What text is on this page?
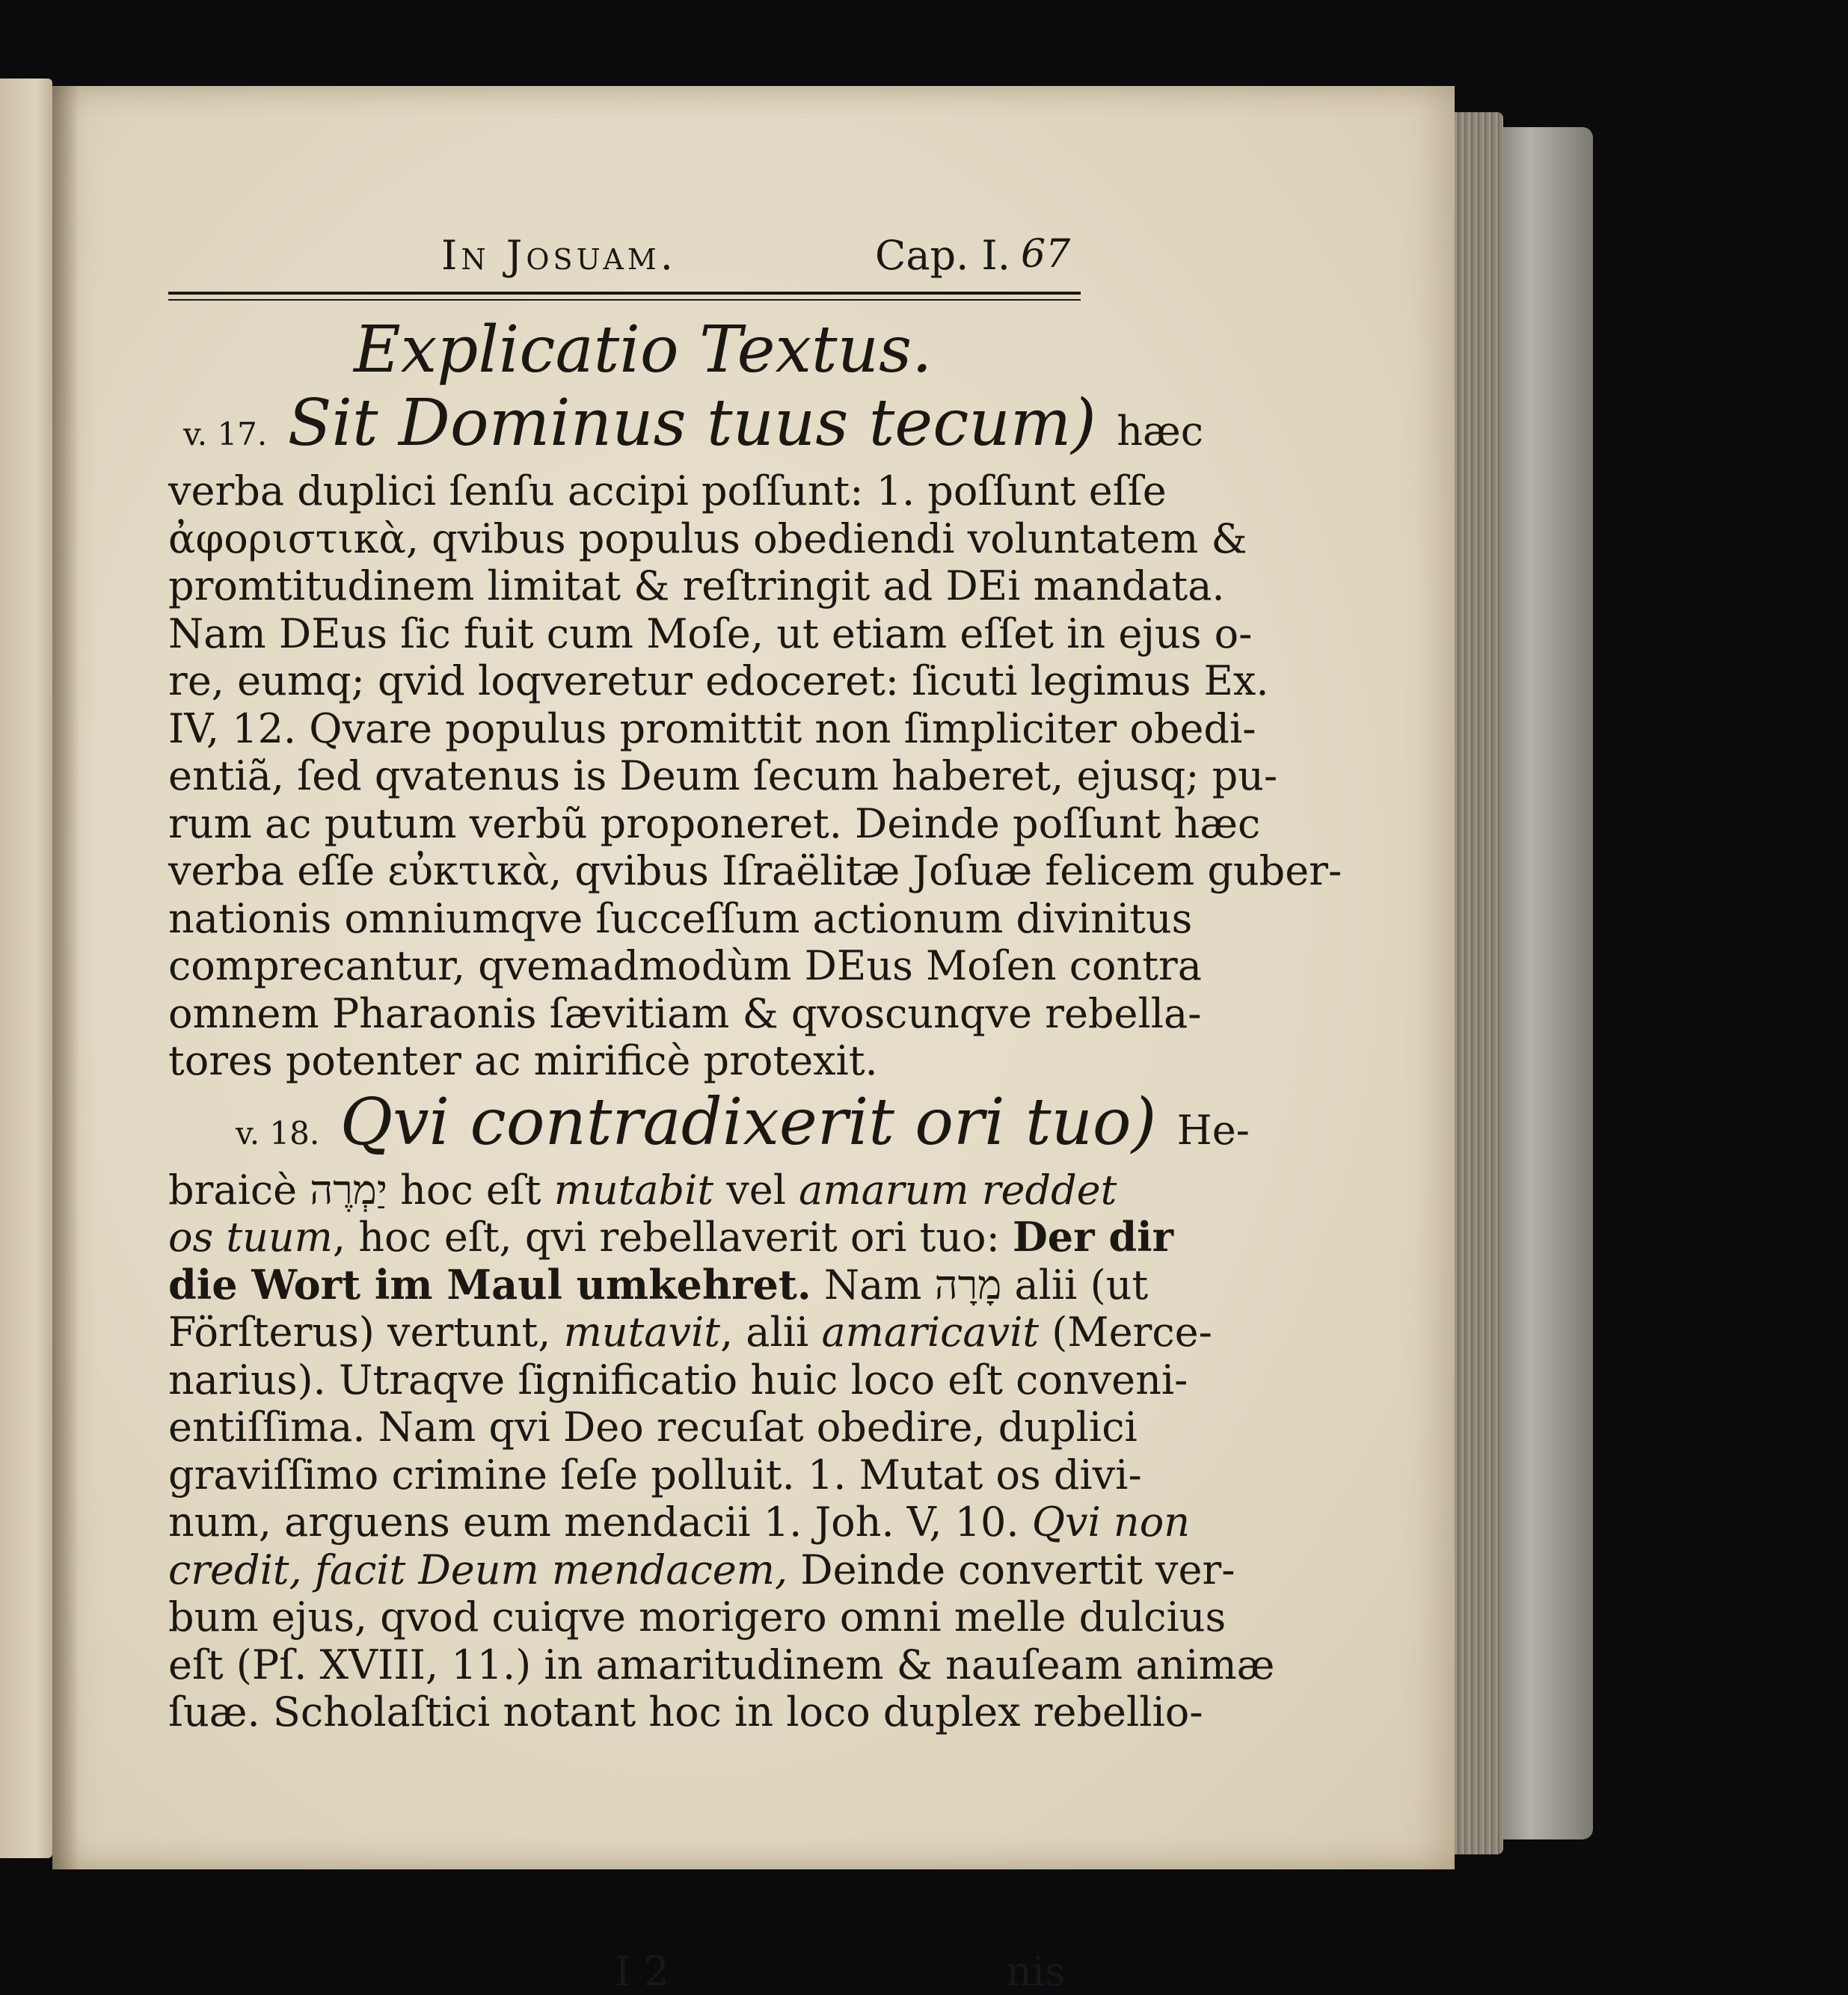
In Josuam.	Cap. I. 67
Explicatio Textus.
v. 17. Sit Dominus tuus tecum) hæc
verba duplici ſenſu accipi poſſunt: 1. poſſunt eſſe
ἀφοριστικὰ, qvibus populus obediendi voluntatem &
promtitudinem limitat & reſtringit ad DEi mandata.
Nam DEus ſic fuit cum Moſe, ut etiam eſſet in ejus o-
re, eumq; qvid loqveretur edoceret: ſicuti legimus Ex.
IV, 12. Qvare populus promittit non ſimpliciter obedi-
entiã, ſed qvatenus is Deum ſecum haberet, ejusq; pu-
rum ac putum verbũ proponeret. Deinde poſſunt hæc
verba eſſe εὐκτικὰ, qvibus Iſraëlitæ Joſuæ felicem guber-
nationis omniumqve ſucceſſum actionum divinitus
comprecantur, qvemadmodùm DEus Moſen contra
omnem Pharaonis ſævitiam & qvoscunqve rebella-
tores potenter ac mirificè protexit.
v. 18. Qvi contradixerit ori tuo) He-
braicè יַמְרֶה hoc eſt mutabit vel amarum reddet
os tuum, hoc eſt, qvi rebellaverit ori tuo: Der dir
die Wort im Maul umkehret. Nam מָרָה alii (ut
Förſterus) vertunt, mutavit, alii amaricavit (Merce-
narius). Utraqve ſignificatio huic loco eſt conveni-
entiſſima. Nam qvi Deo recuſat obedire, duplici
graviſſimo crimine ſeſe polluit. 1. Mutat os divi-
num, arguens eum mendacii 1. Joh. V, 10. Qvi non
credit, facit Deum mendacem, Deinde convertit ver-
bum ejus, qvod cuiqve morigero omni melle dulcius
eſt (Pſ. XVIII, 11.) in amaritudinem & nauſeam animæ
ſuæ. Scholaſtici notant hoc in loco duplex rebellio-
I 2	nis
